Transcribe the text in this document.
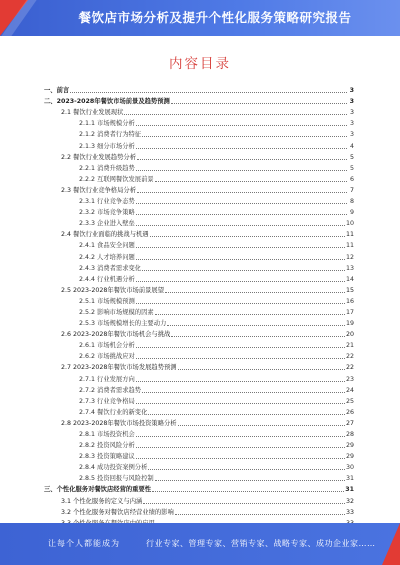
餐饮店市场分析及提升个性化服务策略研究报告
内容目录
一、前言	3
二、2023-2028年餐饮市场前景及趋势预测	3
2.1 餐饮行业发展现状	3
2.1.1 市场规模分析	3
2.1.2 消费者行为特征	3
2.1.3 细分市场分析	4
2.2 餐饮行业发展趋势分析	5
2.2.1 消费升级趋势	5
2.2.2 互联网餐饮发展前景	6
2.3 餐饮行业竞争格局分析	7
2.3.1 行业竞争态势	8
2.3.2 市场竞争策略	9
2.3.3 企业进入壁垒	10
2.4 餐饮行业面临的挑战与机遇	11
2.4.1 食品安全问题	11
2.4.2 人才培养问题	12
2.4.3 消费者需求变化	13
2.4.4 行业机遇分析	14
2.5 2023-2028年餐饮市场前景展望	15
2.5.1 市场规模预测	16
2.5.2 影响市场规模的因素	17
2.5.3 市场规模增长的主要动力	19
2.6 2023-2028年餐饮市场机会与挑战	20
2.6.1 市场机会分析	21
2.6.2 市场挑战应对	22
2.7 2023-2028年餐饮市场发展趋势预测	22
2.7.1 行业发展方向	23
2.7.2 消费者需求趋势	24
2.7.3 行业竞争格局	25
2.7.4 餐饮行业的新变化	26
2.8 2023-2028年餐饮市场投资策略分析	27
2.8.1 市场投资机会	28
2.8.2 投资风险分析	29
2.8.3 投资策略建议	29
2.8.4 成功投资案例分析	30
2.8.5 投资回报与风险控制	31
三、个性化服务对餐饮店经营的重要性	31
3.1 个性化服务的定义与内涵	32
3.2 个性化服务对餐饮店经营业绩的影响	33
让每个人都能成为	行业专家、管理专家、营销专家、战略专家、成功企业家……
